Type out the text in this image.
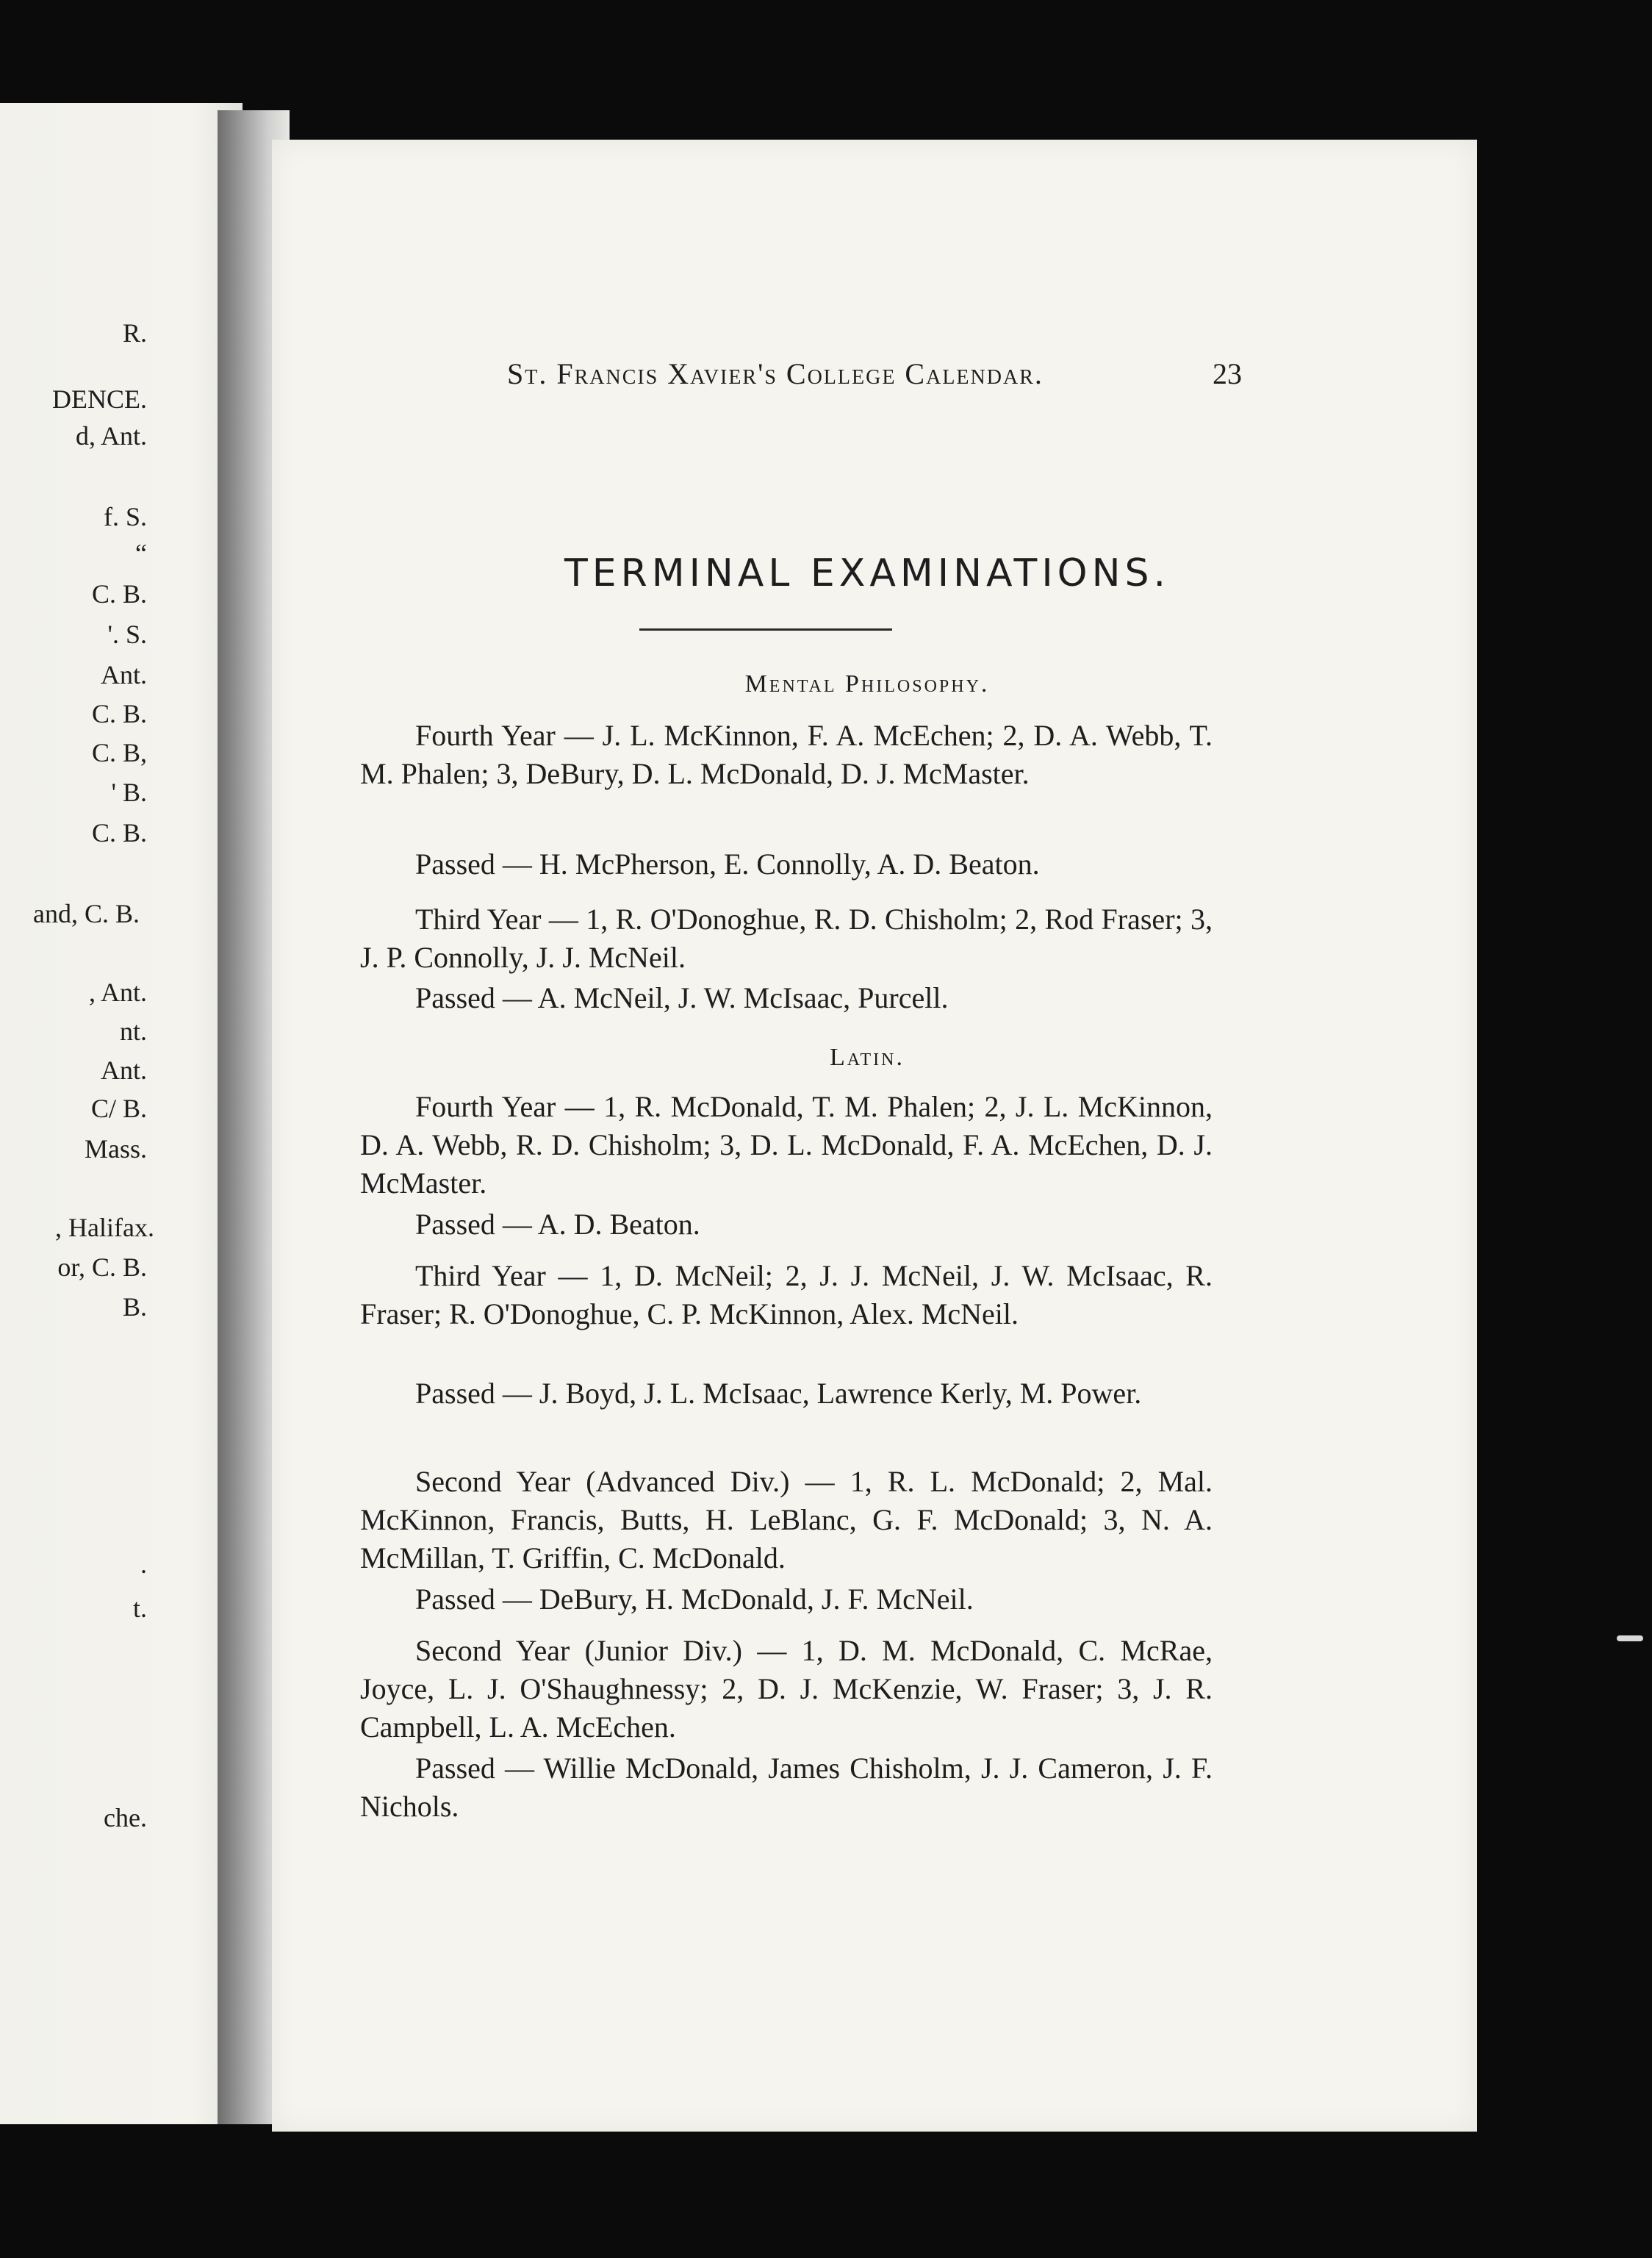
R.
DENCE.
d, Ant.
f. S.
“
C. B.
'. S.
Ant.
C. B.
C. B,
' B.
C. B.
and, C. B.
, Ant.
nt.
Ant.
C/ B.
Mass.
, Halifax.
or, C. B.
B.
.
t.
che.
St. Francis Xavier's College Calendar.	23
TERMINAL EXAMINATIONS.
Mental Philosophy.
Fourth Year — J. L. McKinnon, F. A. McEchen; 2, D. A. Webb, T. M. Phalen; 3, DeBury, D. L. McDonald, D. J. McMaster.
Passed — H. McPherson, E. Connolly, A. D. Beaton.
Third Year — 1, R. O'Donoghue, R. D. Chisholm; 2, Rod Fraser; 3, J. P. Connolly, J. J. McNeil.
Passed — A. McNeil, J. W. McIsaac, Purcell.
Latin.
Fourth Year — 1, R. McDonald, T. M. Phalen; 2, J. L. McKinnon, D. A. Webb, R. D. Chisholm; 3, D. L. McDonald, F. A. McEchen, D. J. McMaster.
Passed — A. D. Beaton.
Third Year — 1, D. McNeil; 2, J. J. McNeil, J. W. McIsaac, R. Fraser; R. O'Donoghue, C. P. McKinnon, Alex. McNeil.
Passed — J. Boyd, J. L. McIsaac, Lawrence Kerly, M. Power.
Second Year (Advanced Div.) — 1, R. L. McDonald; 2, Mal. McKinnon, Francis, Butts, H. LeBlanc, G. F. McDonald; 3, N. A. McMillan, T. Griffin, C. McDonald.
Passed — DeBury, H. McDonald, J. F. McNeil.
Second Year (Junior Div.) — 1, D. M. McDonald, C. McRae, Joyce, L. J. O'Shaughnessy; 2, D. J. McKenzie, W. Fraser; 3, J. R. Campbell, L. A. McEchen.
Passed — Willie McDonald, James Chisholm, J. J. Cameron, J. F. Nichols.
